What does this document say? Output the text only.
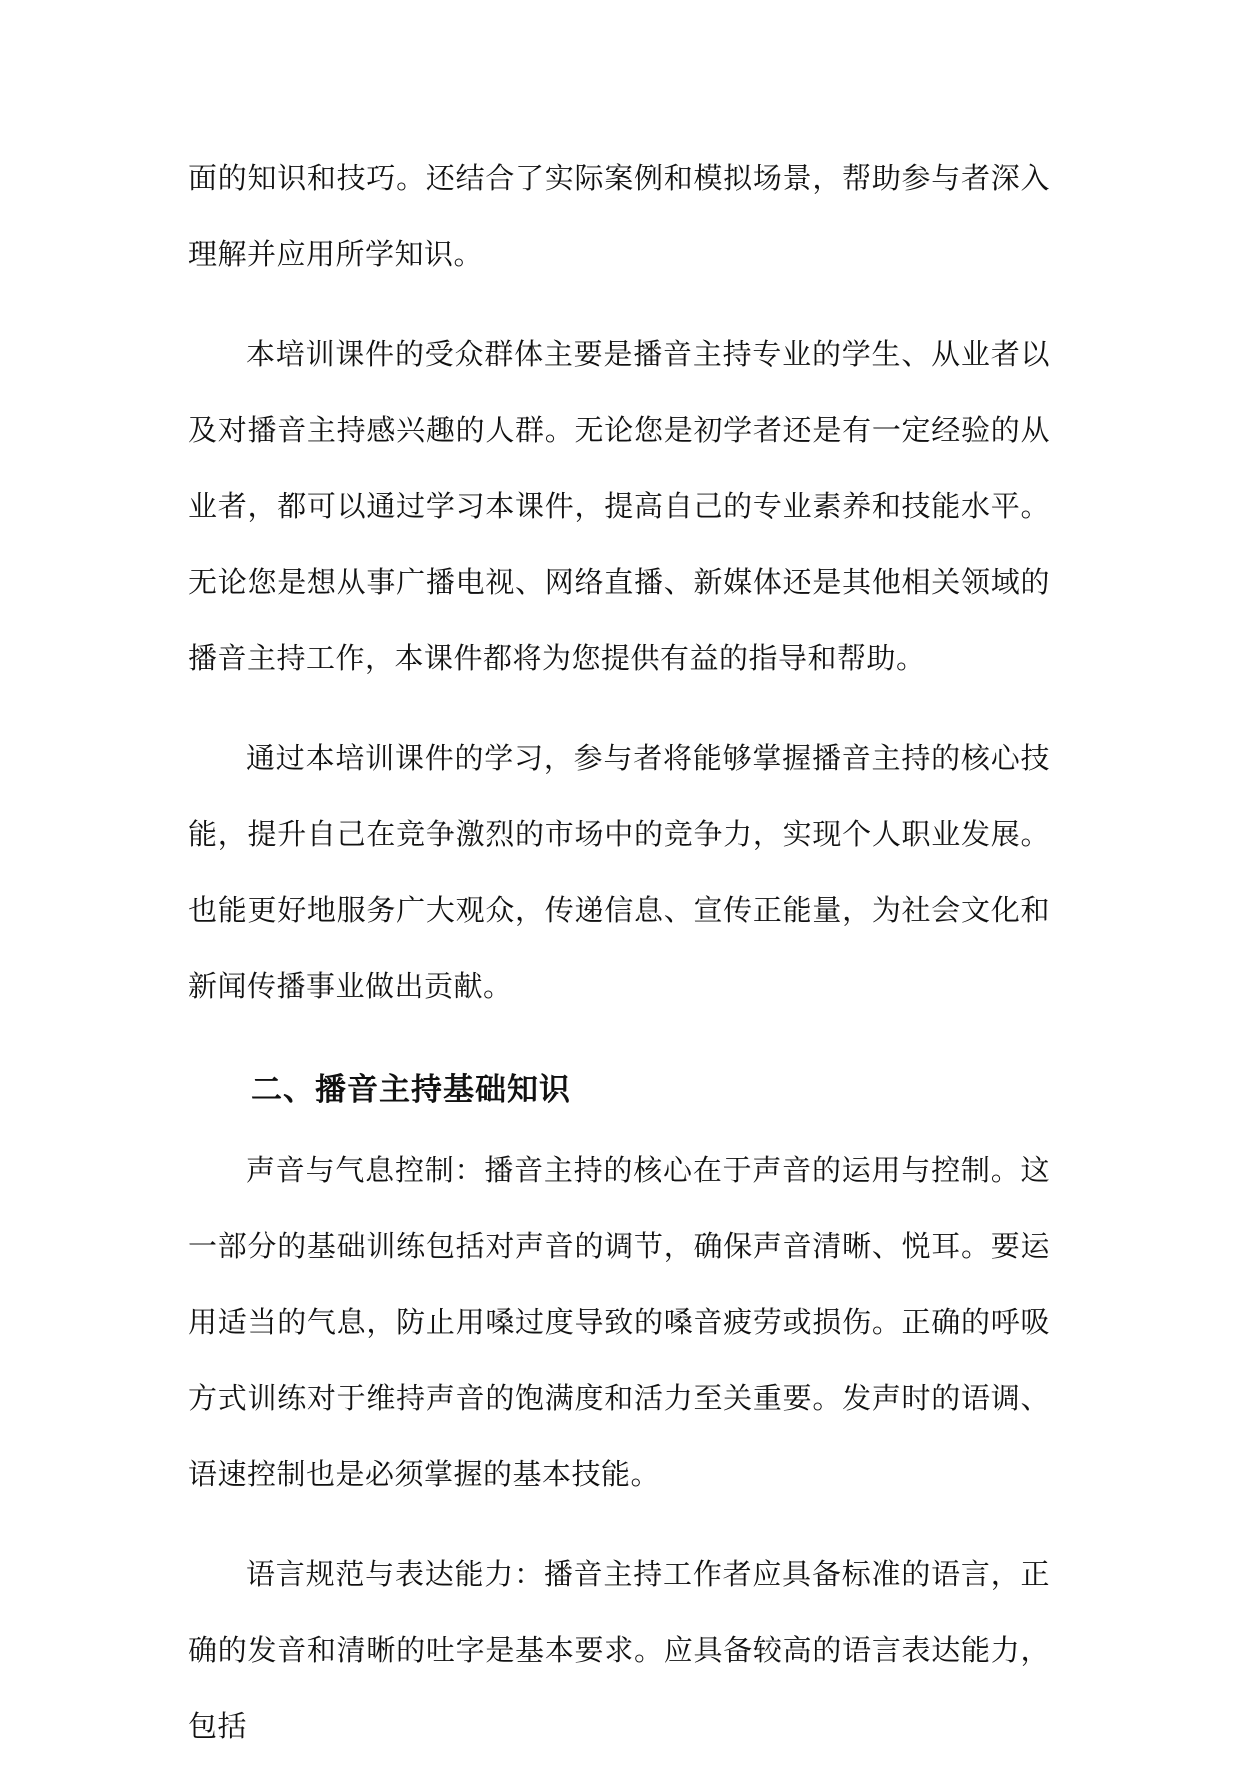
面的知识和技巧。还结合了实际案例和模拟场景，帮助参与者深入理解并应用所学知识。

本培训课件的受众群体主要是播音主持专业的学生、从业者以及对播音主持感兴趣的人群。无论您是初学者还是有一定经验的从业者，都可以通过学习本课件，提高自己的专业素养和技能水平。无论您是想从事广播电视、网络直播、新媒体还是其他相关领域的播音主持工作，本课件都将为您提供有益的指导和帮助。

通过本培训课件的学习，参与者将能够掌握播音主持的核心技能，提升自己在竞争激烈的市场中的竞争力，实现个人职业发展。也能更好地服务广大观众，传递信息、宣传正能量，为社会文化和新闻传播事业做出贡献。

二、播音主持基础知识

声音与气息控制：播音主持的核心在于声音的运用与控制。这一部分的基础训练包括对声音的调节，确保声音清晰、悦耳。要运用适当的气息，防止用嗓过度导致的嗓音疲劳或损伤。正确的呼吸方式训练对于维持声音的饱满度和活力至关重要。发声时的语调、语速控制也是必须掌握的基本技能。

语言规范与表达能力：播音主持工作者应具备标准的语言，正确的发音和清晰的吐字是基本要求。应具备较高的语言表达能力，包括
